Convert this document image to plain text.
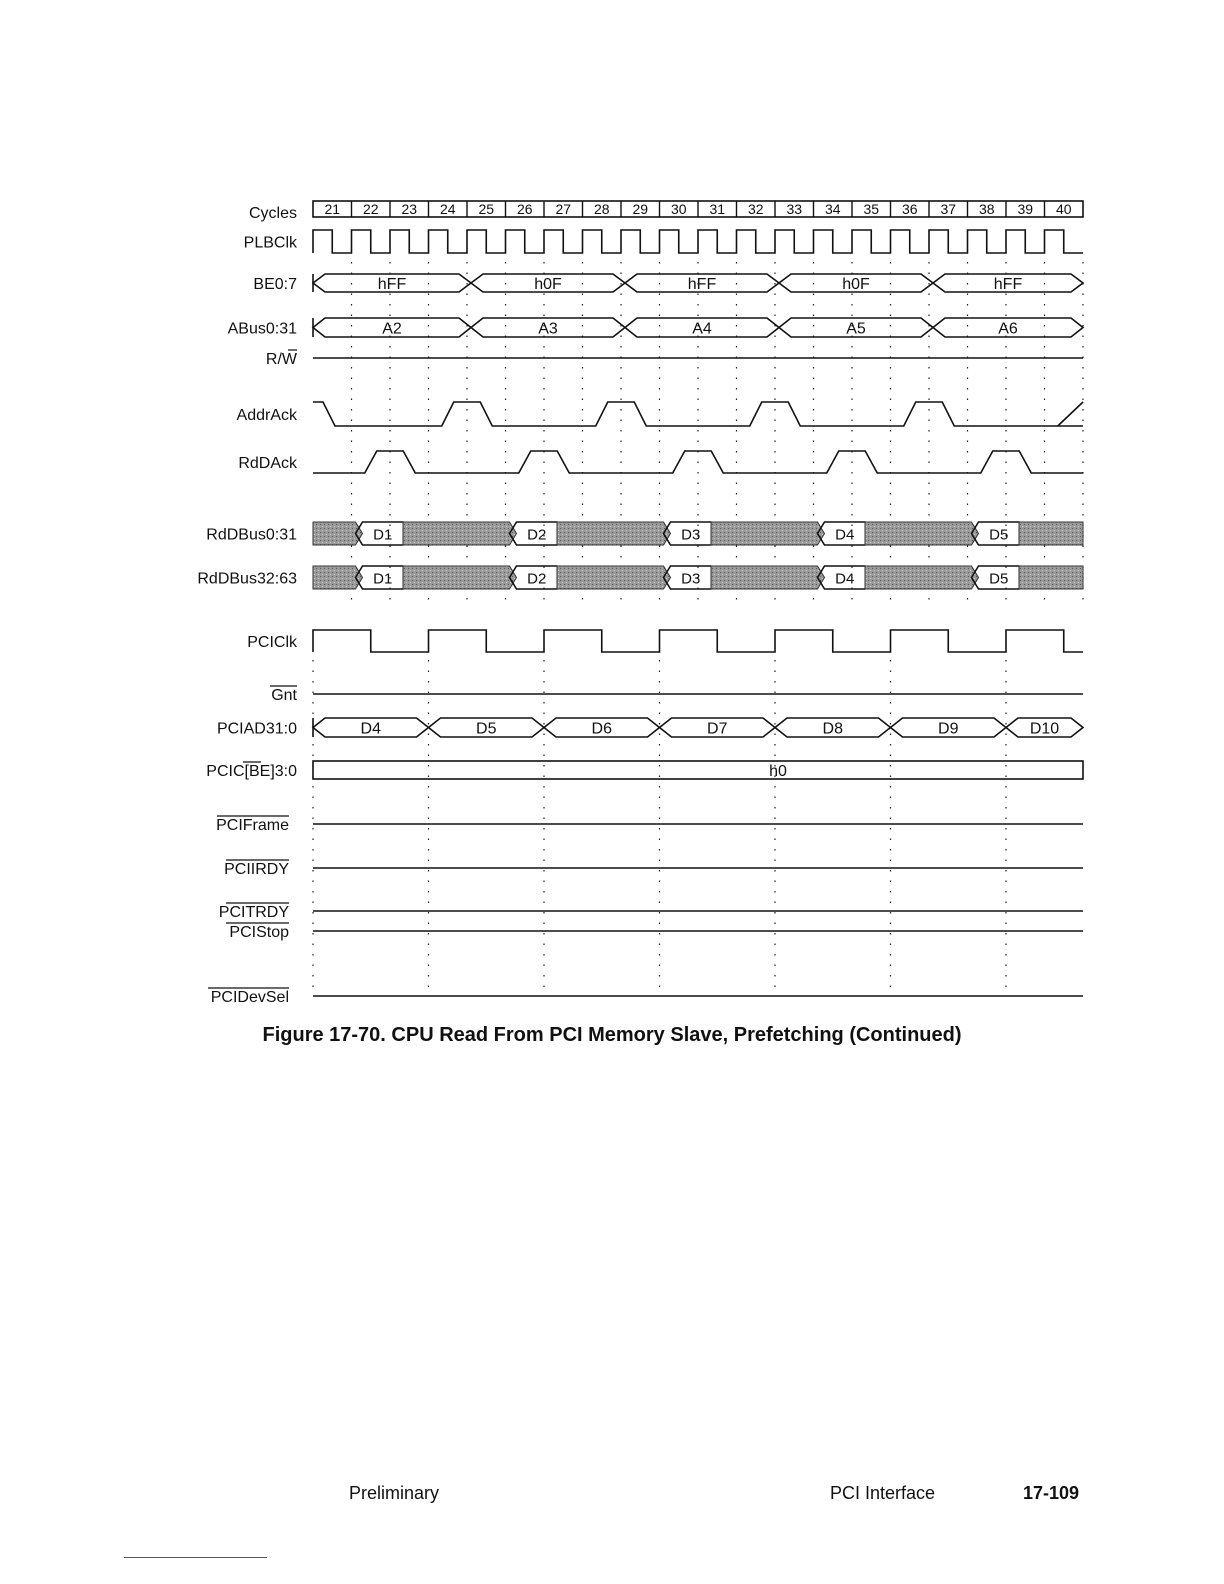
Cycles 21 22 23 24 25 26 27 28 29 30 31 32 33 34 35 36 37 38 39 40
PLBClk
BE0:7
ABus0:31
R/W
AddrAck
RdDAck
RdDBus0:31
RdDBus32:63
PCIClk
Gnt
PCIAD31:0
PCIC[BE]3:0
PCIFrame
PCIIRDY
PCITRDY
PCIStop
PCIDevSel
hFF	h0F	hFF	h0F	hFF
A2	A3	A4	A5	A6
D1	D2	D3	D4	D5
D1	D2	D3	D4	D5
D4	D5	D6	D7	D8	D9	D10
h0
Figure 17-70. CPU Read From PCI Memory Slave, Prefetching (Continued)
Preliminary	PCI Interface	17-109
